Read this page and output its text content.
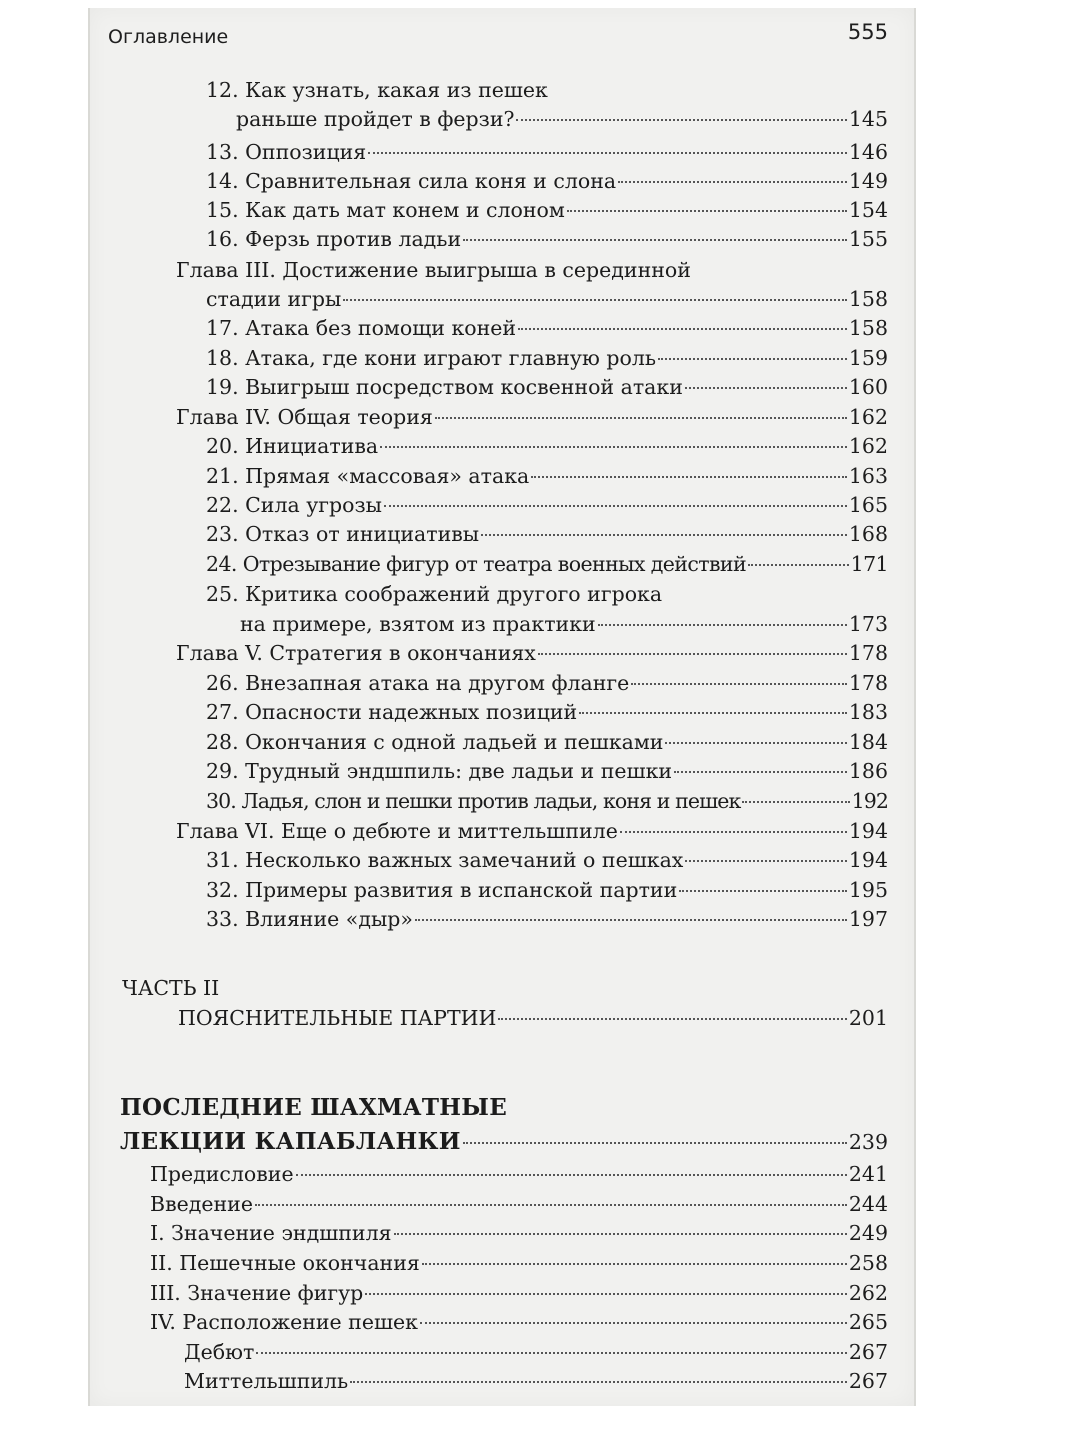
Оглавление	555
12. Как узнать, какая из пешек
раньше пройдет в ферзи?	145
13. Оппозиция	146
14. Сравнительная сила коня и слона	149
15. Как дать мат конем и слоном	154
16. Ферзь против ладьи	155
Глава III. Достижение выигрыша в серединной
стадии игры	158
17. Атака без помощи коней	158
18. Атака, где кони играют главную роль	159
19. Выигрыш посредством косвенной атаки	160
Глава IV. Общая теория	162
20. Инициатива	162
21. Прямая «массовая» атака	163
22. Сила угрозы	165
23. Отказ от инициативы	168
24. Отрезывание фигур от театра военных действий	171
25. Критика соображений другого игрока
на примере, взятом из практики	173
Глава V. Стратегия в окончаниях	178
26. Внезапная атака на другом фланге	178
27. Опасности надежных позиций	183
28. Окончания с одной ладьей и пешками	184
29. Трудный эндшпиль: две ладьи и пешки	186
30. Ладья, слон и пешки против ладьи, коня и пешек	192
Глава VI. Еще о дебюте и миттельшпиле	194
31. Несколько важных замечаний о пешках	194
32. Примеры развития в испанской партии	195
33. Влияние «дыр»	197
ЧАСТЬ II
ПОЯСНИТЕЛЬНЫЕ ПАРТИИ	201
ПОСЛЕДНИЕ ШАХМАТНЫЕ
ЛЕКЦИИ КАПАБЛАНКИ	239
Предисловие	241
Введение	244
I. Значение эндшпиля	249
II. Пешечные окончания	258
III. Значение фигур	262
IV. Расположение пешек	265
Дебют	267
Миттельшпиль	267
